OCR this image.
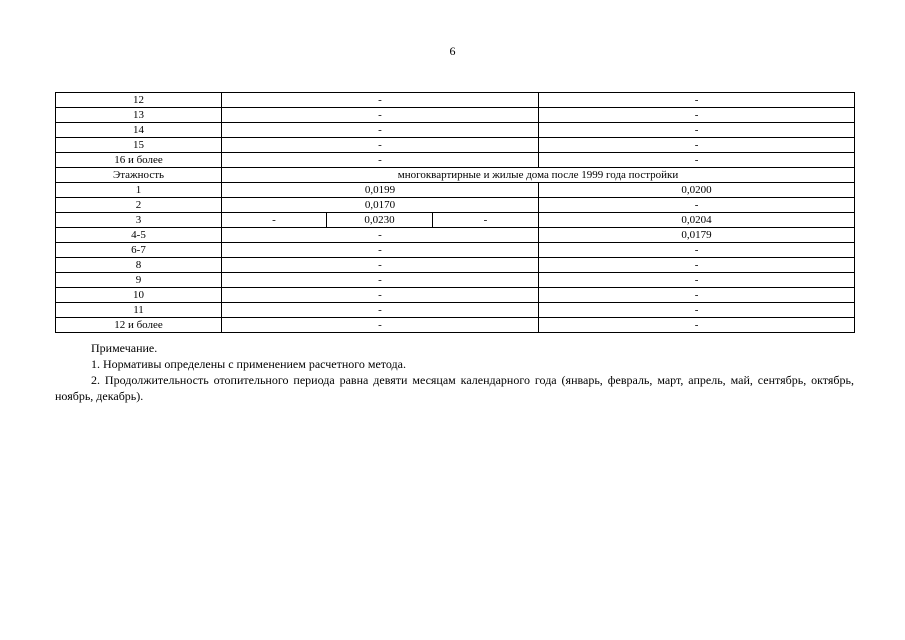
6
12	-			-
13	-			-
14	-			-
15	-			-
16 и более	-			-
Этажность	многоквартирные и жилые дома после 1999 года постройки			
1	0,0199			0,0200
2	0,0170			-
3	-	0,0230	-	0,0204
4-5	-			0,0179
6-7	-			-
8	-			-
9	-			-
10	-			-
11	-			-
12 и более	-			-

Примечание.

1. Нормативы определены с применением расчетного метода.

2. Продолжительность отопительного периода равна девяти месяцам календарного года (январь, февраль, март, апрель, май, сентябрь, октябрь, ноябрь, декабрь).
